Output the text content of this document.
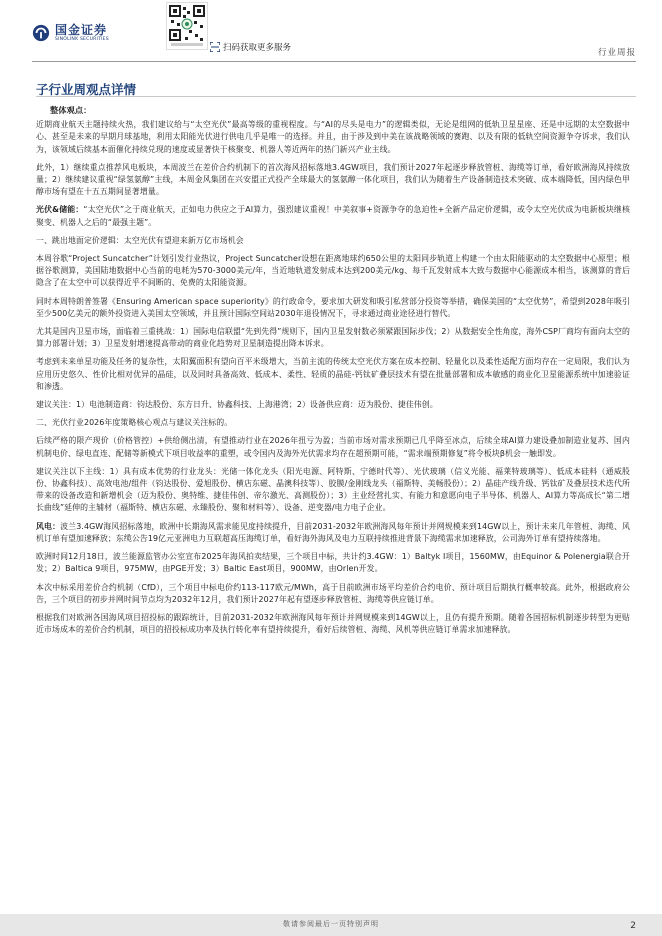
国金证券
SINOLINK SECURITIES
扫码获取更多服务	行业周报
子行业周观点详情

整体观点：

近期商业航天主题持续火热，我们建议给与“太空光伏”最高等级的重视程度。与“AI的尽头是电力”的逻辑类似，无论是组网的低轨卫星星座、还是中远期的太空数据中心、甚至是未来的早期月球基地，利用太阳能光伏进行供电几乎是唯一的选择。并且，由于涉及到中美在该战略领域的赛跑、以及有限的低轨空间资源争夺诉求，我们认为，该领域后续基本面催化持续兑现的速度或显著快于核聚变、机器人等近两年的热门新兴产业主线。

此外，1）继续重点推荐风电板块，本周波兰在差价合约机制下的首次海风招标落地3.4GW项目，我们预计2027年起逐步释放管桩、海缆等订单，看好欧洲海风持续放量；2）继续建议重视“绿氢氨醇”主线，本周金风集团在兴安盟正式投产全球最大的氢氨醇一体化项目，我们认为随着生产设备制造技术突破、成本端降低，国内绿色甲醇市场有望在十五五期间显著增量。

光伏&储能：“太空光伏”之于商业航天，正如电力供应之于AI算力，强烈建议重视！中美叙事+资源争夺的急迫性+全新产品定价逻辑，或令太空光伏成为电新板块继核聚变、机器人之后的“最强主题”。

一、跳出地面定价逻辑：太空光伏有望迎来新万亿市场机会

本周谷歌“Project Suncatcher”计划引发行业热议，Project Suncatcher设想在距离地球约650公里的太阳同步轨道上构建一个由太阳能驱动的太空数据中心原型；根据谷歌测算，美国陆地数据中心当前的电耗为570-3000美元/年，当近地轨道发射成本达到200美元/kg、每千瓦发射成本大致与数据中心能源成本相当，该测算的背后隐含了在太空中可以获得近乎不间断的、免费的太阳能资源。

同时本周特朗普签署《Ensuring American space superiority》的行政命令，要求加大研发和吸引私营部分投资等举措，确保美国的“太空优势”，希望到2028年吸引至少500亿美元的额外投资进入美国太空领域，并且预计国际空间站2030年退役情况下，寻求通过商业途径进行替代。

尤其是国内卫星市场，面临着三重挑战：1）国际电信联盟“先到先得”规则下，国内卫星发射数必须紧跟国际步伐；2）从数据安全性角度，海外CSP厂商均有面向太空的算力部署计划；3）卫星发射增速提高带动的商业化趋势对卫星制造提出降本诉求。

考虑到未来单星功能及任务的复杂性，太阳翼面积有望向百平米级增大，当前主流的传统太空光伏方案在成本控制、轻量化以及柔性适配方面均存在一定局限，我们认为应用历史悠久、性价比相对优异的晶硅，以及同时具备高效、低成本、柔性、轻质的晶硅-钙钛矿叠层技术有望在批量部署和成本敏感的商业化卫星能源系统中加速验证和渗透。

建议关注：1）电池制造商：钧达股份、东方日升、协鑫科技、上海港湾；2）设备供应商：迈为股份、捷佳伟创。

二、光伏行业2026年度策略核心观点与建议关注标的。

后续严格的限产现价（价格管控）+供给侧出清，有望推动行业在2026年扭亏为盈；当前市场对需求预期已几乎降至冰点，后续全球AI算力建设叠加制造业复苏、国内机制电价、绿电直连、配储等新模式下项目收益率的重塑，或令国内及海外光伏需求均存在超预期可能，“需求端预期修复”将令板块β机会一触即发。

建议关注以下主线：1）具有成本优势的行业龙头：光储一体化龙头（阳光电源、阿特斯、宁德时代等）、光伏玻璃（信义光能、福莱特玻璃等）、低成本硅料（通威股份、协鑫科技）、高效电池/组件（钧达股份、爱旭股份、横店东磁、晶澳科技等）、胶膜/金刚线龙头（福斯特、美畅股份）；2）晶硅产线升级、钙钛矿及叠层技术迭代所带来的设备改造和新增机会（迈为股份、奥特维、捷佳伟创、帝尔激光、高测股份）；3）主业经营扎实、有能力和意愿向电子半导体、机器人、AI算力等高成长“第二增长曲线”延伸的主辅材（福斯特、横店东磁、永臻股份、聚和材料等）、设备、逆变器/电力电子企业。

风电：波兰3.4GW海风招标落地，欧洲中长期海风需求能见度持续提升，目前2031-2032年欧洲海风每年预计并网规模来到14GW以上，预计未来几年管桩、海缆、风机订单有望加速释放；东缆公告19亿元亚洲电力互联超高压海缆订单，看好海外海风及电力互联持续推进背景下海缆需求加速释放，公司海外订单有望持续落地。

欧洲时间12月18日，波兰能源监管办公室宣布2025年海风拍卖结果，三个项目中标，共计约3.4GW：1）Baltyk I项目，1560MW，由Equinor & Polenergia联合开发；2）Baltica 9项目，975MW，由PGE开发；3）Baltic East项目，900MW，由Orlen开发。

本次中标采用差价合约机制（CfD），三个项目中标电价约113-117欧元/MWh，高于目前欧洲市场平均差价合约电价、预计项目后期执行概率较高。此外，根据政府公告，三个项目的初步并网时间节点均为2032年12月，我们预计2027年起有望逐步释放管桩、海缆等供应链订单。

根据我们对欧洲各国海风项目招投标的跟踪统计，目前2031-2032年欧洲海风每年预计并网规模来到14GW以上，且仍有提升预期。随着各国招标机制逐步转型为更贴近市场成本的差价合约机制，项目的招投标成功率及执行转化率有望持续提升，看好后续管桩、海缆、风机等供应链订单需求加速释放。

敬请参阅最后一页特别声明	2
